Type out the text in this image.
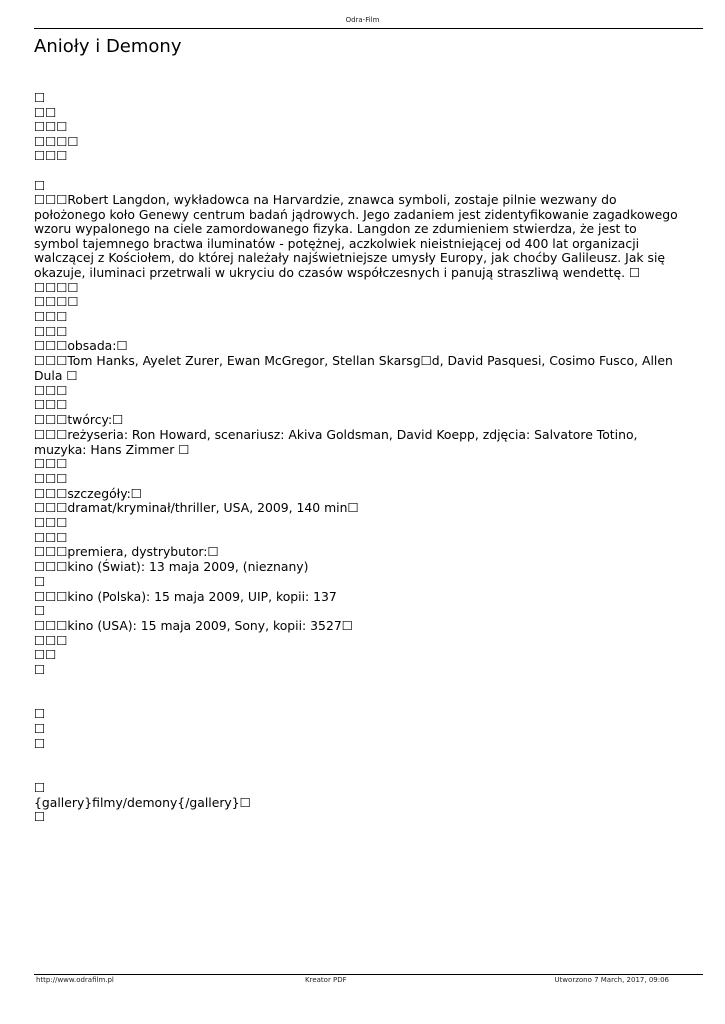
Odra-Film
Anioły i Demony
☐
☐☐
☐☐☐
☐☐☐☐
☐☐☐
☐
☐☐☐Robert Langdon, wykładowca na Harvardzie, znawca symboli, zostaje pilnie wezwany do położonego koło Genewy centrum badań jądrowych. Jego zadaniem jest zidentyfikowanie zagadkowego wzoru wypalonego na ciele zamordowanego fizyka. Langdon ze zdumieniem stwierdza, że jest to symbol tajemnego bractwa iluminatów - potężnej, aczkolwiek nieistniejącej od 400 lat organizacji walczącej z Kościołem, do której należały najświetniejsze umysły Europy, jak choćby Galileusz. Jak się okazuje, iluminaci przetrwali w ukryciu do czasów współczesnych i panują straszliwą wendettę. ☐
☐☐☐☐
☐☐☐☐
☐☐☐
☐☐☐
☐☐☐obsada:☐
☐☐☐Tom Hanks, Ayelet Zurer, Ewan McGregor, Stellan Skarsg☐d, David Pasquesi, Cosimo Fusco, Allen Dula ☐
☐☐☐
☐☐☐
☐☐☐twórcy:☐
☐☐☐reżyseria: Ron Howard, scenariusz: Akiva Goldsman, David Koepp, zdjęcia: Salvatore Totino, muzyka: Hans Zimmer ☐
☐☐☐
☐☐☐
☐☐☐szczegóły:☐
☐☐☐dramat/kryminał/thriller, USA, 2009, 140 min☐
☐☐☐
☐☐☐
☐☐☐premiera, dystrybutor:☐
☐☐☐kino (Świat): 13 maja 2009, (nieznany)
☐
☐☐☐kino (Polska): 15 maja 2009, UIP, kopii: 137
☐
☐☐☐kino (USA): 15 maja 2009, Sony, kopii: 3527☐
☐☐☐
☐☐
☐
☐
☐
☐
☐
{gallery}filmy/demony{/gallery}☐
☐
http://www.odrafilm.pl	Kreator PDF	Utworzono 7 March, 2017, 09:06
